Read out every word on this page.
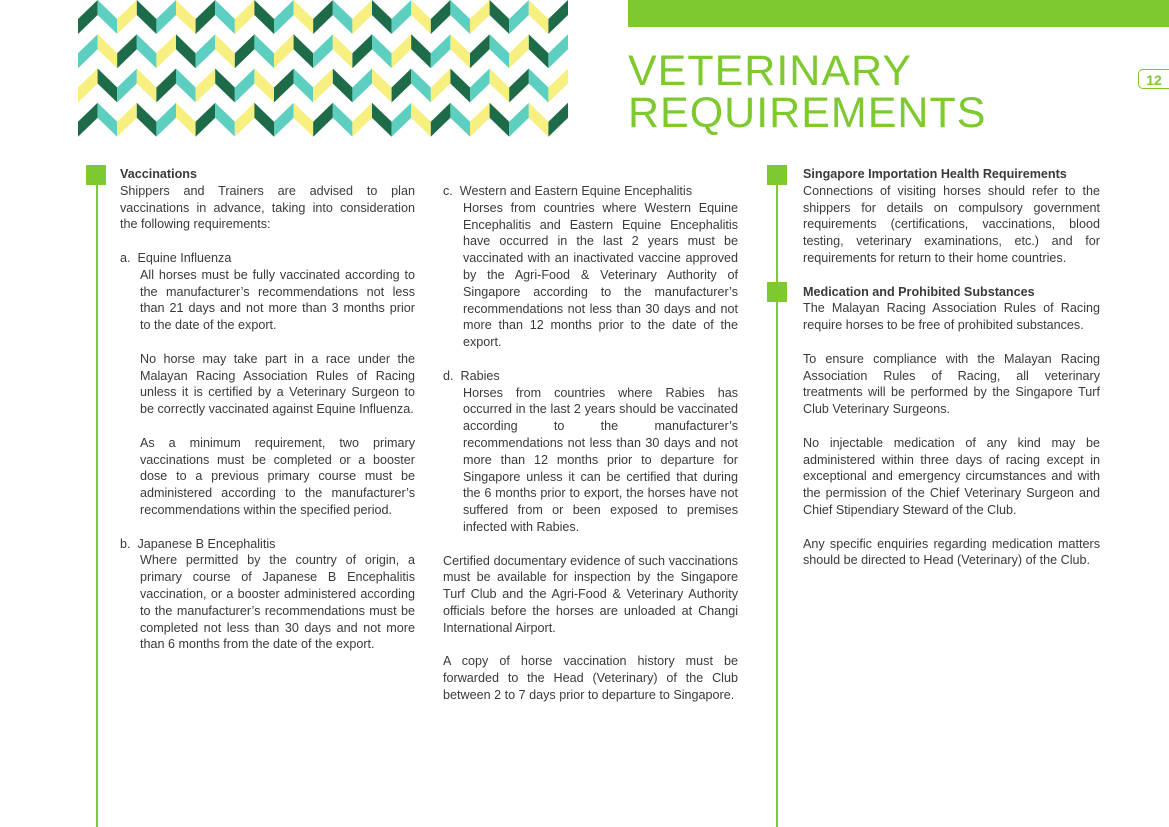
VETERINARY
REQUIREMENTS
12
Vaccinations

Shippers and Trainers are advised to plan vaccinations in advance, taking into consideration the following requirements:

a.  Equine Influenza

All horses must be fully vaccinated according to the manufacturer’s recommendations not less than 21 days and not more than 3 months prior to the date of the export.

No horse may take part in a race under the Malayan Racing Association Rules of Racing unless it is certified by a Veterinary Surgeon to be correctly vaccinated against Equine Influenza.

As a minimum requirement, two primary vaccinations must be completed or a booster dose to a previous primary course must be administered according to the manufacturer’s recommendations within the specified period.

b.  Japanese B Encephalitis

Where permitted by the country of origin, a primary course of Japanese B Encephalitis vaccination, or a booster administered according to the manufacturer’s recommendations must be completed not less than 30 days and not more than 6 months from the date of the export.

c.  Western and Eastern Equine Encephalitis

Horses from countries where Western Equine Encephalitis and Eastern Equine Encephalitis have occurred in the last 2 years must be vaccinated with an inactivated vaccine approved by the Agri-Food & Veterinary Authority of Singapore according to the manufacturer’s recommendations not less than 30 days and not more than 12 months prior to the date of the export.

d.  Rabies

Horses from countries where Rabies has occurred in the last 2 years should be vaccinated according to the manufacturer’s recommendations not less than 30 days and not more than 12 months prior to departure for Singapore unless it can be certified that during the 6 months prior to export, the horses have not suffered from or been exposed to premises infected with Rabies.

Certified documentary evidence of such vaccinations must be available for inspection by the Singapore Turf Club and the Agri-Food & Veterinary Authority officials before the horses are unloaded at Changi International Airport.

A copy of horse vaccination history must be forwarded to the Head (Veterinary) of the Club between 2 to 7 days prior to departure to Singapore.

Singapore Importation Health Requirements

Connections of visiting horses should refer to the shippers for details on compulsory government requirements (certifications, vaccinations, blood testing, veterinary examinations, etc.) and for requirements for return to their home countries.

Medication and Prohibited Substances

The Malayan Racing Association Rules of Racing require horses to be free of prohibited substances.

To ensure compliance with the Malayan Racing Association Rules of Racing, all veterinary treatments will be performed by the Singapore Turf Club Veterinary Surgeons.

No injectable medication of any kind may be administered within three days of racing except in exceptional and emergency circumstances and with the permission of the Chief Veterinary Surgeon and Chief Stipendiary Steward of the Club.

Any specific enquiries regarding medication matters should be directed to Head (Veterinary) of the Club.
